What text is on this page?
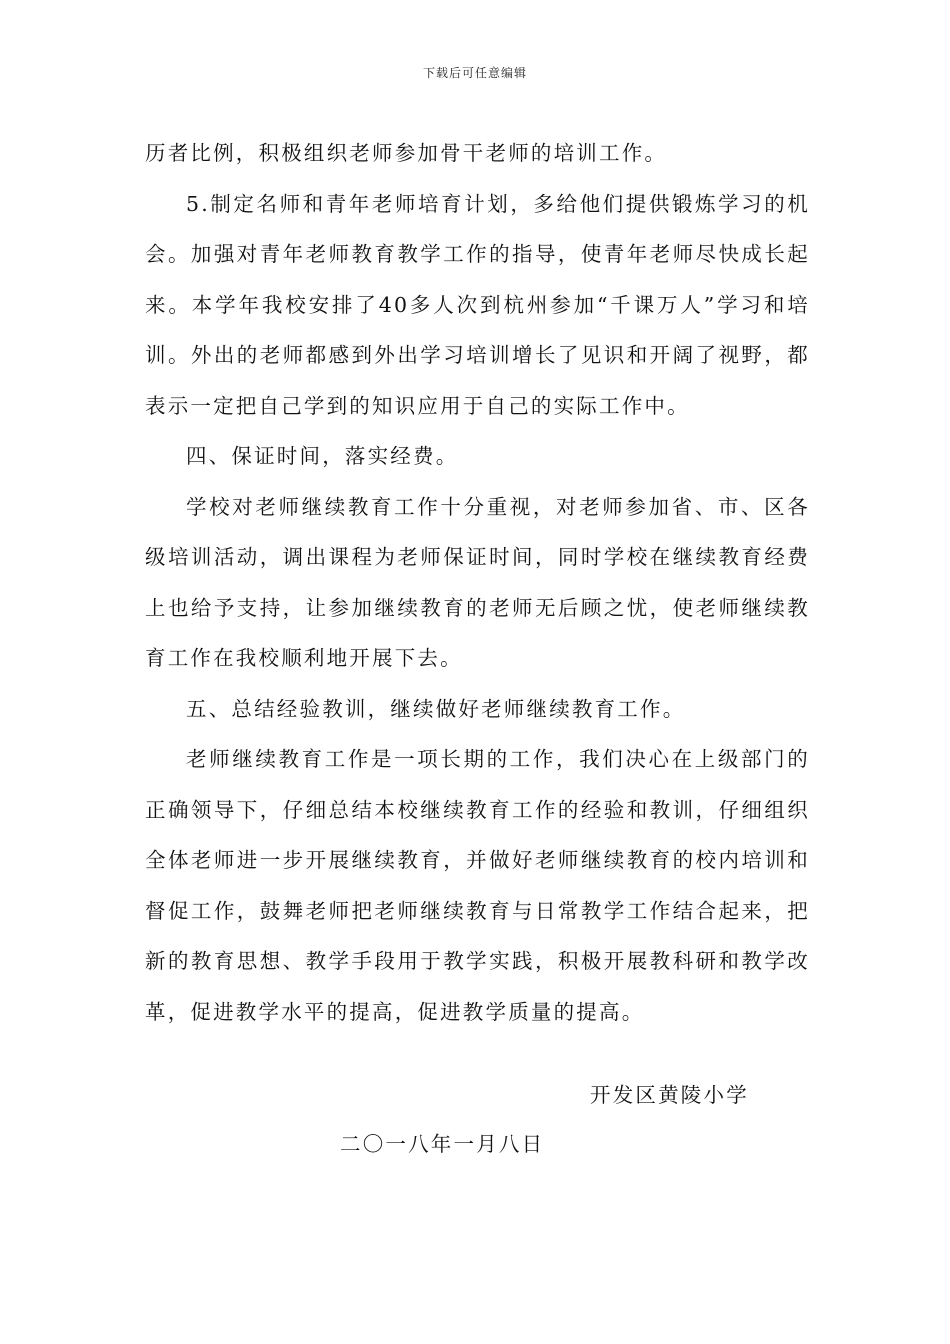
下载后可任意编辑

历者比例，积极组织老师参加骨干老师的培训工作。

5.制定名师和青年老师培育计划，多给他们提供锻炼学习的机会。加强对青年老师教育教学工作的指导，使青年老师尽快成长起来。本学年我校安排了40多人次到杭州参加“千课万人”学习和培训。外出的老师都感到外出学习培训增长了见识和开阔了视野，都表示一定把自己学到的知识应用于自己的实际工作中。

四、保证时间，落实经费。

学校对老师继续教育工作十分重视，对老师参加省、市、区各级培训活动，调出课程为老师保证时间，同时学校在继续教育经费上也给予支持，让参加继续教育的老师无后顾之忧，使老师继续教育工作在我校顺利地开展下去。

五、总结经验教训，继续做好老师继续教育工作。

老师继续教育工作是一项长期的工作，我们决心在上级部门的正确领导下，仔细总结本校继续教育工作的经验和教训，仔细组织全体老师进一步开展继续教育，并做好老师继续教育的校内培训和督促工作，鼓舞老师把老师继续教育与日常教学工作结合起来，把新的教育思想、教学手段用于教学实践，积极开展教科研和教学改革，促进教学水平的提高，促进教学质量的提高。

开发区黄陵小学
二〇一八年一月八日
